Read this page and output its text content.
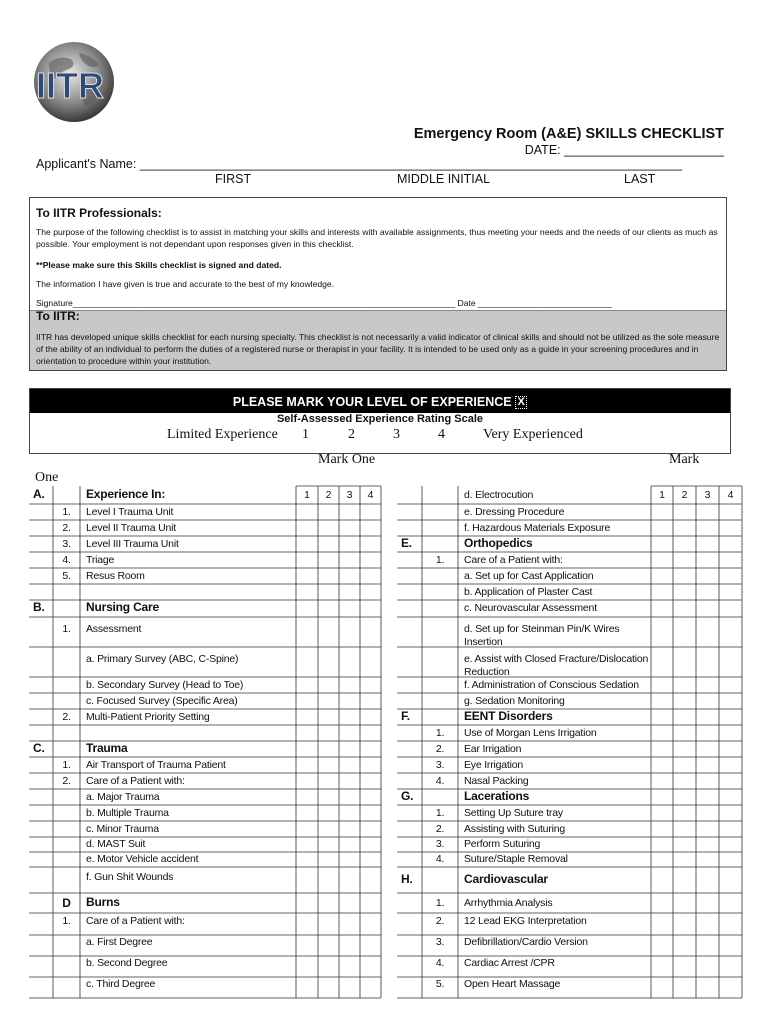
IITR
Emergency Room (A&E) SKILLS CHECKLIST
DATE: _______________________
Applicant's Name: ______________________________________________________________________________
FIRST	MIDDLE INITIAL	LAST
To IITR Professionals:
The purpose of the following checklist is to assist in matching your skills and interests with available assignments, thus meeting your needs and the needs of our clients as much as possible. Your employment is not dependant upon responses given in this checklist.
**Please make sure this Skills checklist is signed and dated.
The information I have given is true and accurate to the best of my knowledge.
Signature________________________________________________________________________________ Date ____________________________
To IITR:
IITR has developed unique skills checklist for each nursing specialty. This checklist is not necessarily a valid indicator of clinical skills and should not be utilized as the sole measure of the ability of an individual to perform the duties of a registered nurse or therapist in your facility. It is intended to be used only as a guide in your screening procedures and in orientation to procedure within your institution.
PLEASE MARK YOUR LEVEL OF EXPERIENCE X
Self-Assessed Experience Rating Scale
Limited Experience 1	2	3	4	Very Experienced
Mark One	Mark
One
1	2	3	4
A.	Experience In:
1.	Level I Trauma Unit
2.	Level II Trauma Unit
3.	Level III Trauma Unit
4.	Triage
5.	Resus Room
B.	Nursing Care
1.	Assessment
a. Primary Survey (ABC, C-Spine)
b. Secondary Survey (Head to Toe)
c. Focused Survey (Specific Area)
2.	Multi-Patient Priority Setting
C.	Trauma
1.	Air Transport of Trauma Patient
2.	Care of a Patient with:
a. Major Trauma
b. Multiple Trauma
c. Minor Trauma
d. MAST Suit
e. Motor Vehicle accident
f. Gun Shit Wounds
D	Burns
1.	Care of a Patient with:
a. First Degree
b. Second Degree
c. Third Degree
1	2	3	4
d. Electrocution
e. Dressing Procedure
f. Hazardous Materials Exposure
E.	Orthopedics
1.	Care of a Patient with:
a. Set up for Cast Application
b. Application of Plaster Cast
c. Neurovascular Assessment
d. Set up for Steinman Pin/K Wires Insertion
e. Assist with Closed Fracture/Dislocation Reduction
f. Administration of Conscious Sedation
g. Sedation Monitoring
F.	EENT Disorders
1.	Use of Morgan Lens Irrigation
2.	Ear Irrigation
3.	Eye Irrigation
4.	Nasal Packing
G.	Lacerations
1.	Setting Up Suture tray
2.	Assisting with Suturing
3.	Perform Suturing
4.	Suture/Staple Removal
H.	Cardiovascular
1.	Arrhythmia Analysis
2.	12 Lead EKG Interpretation
3.	Defibrillation/Cardio Version
4.	Cardiac Arrest /CPR
5.	Open Heart Massage
